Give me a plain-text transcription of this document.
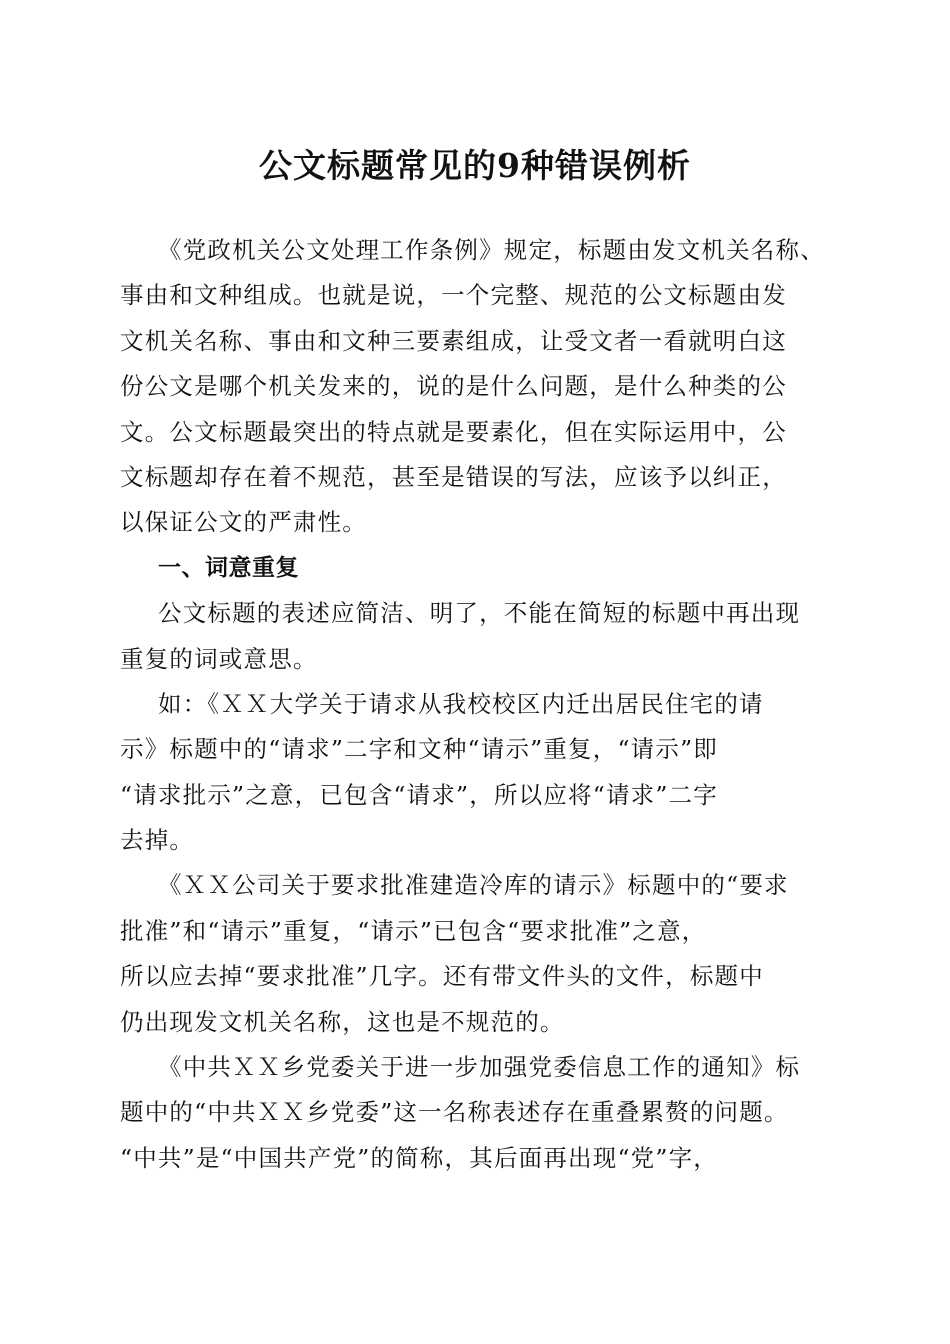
公文标题常见的9种错误例析
《党政机关公文处理工作条例》规定，标题由发文机关名称、
事由和文种组成。也就是说，一个完整、规范的公文标题由发
文机关名称、事由和文种三要素组成，让受文者一看就明白这
份公文是哪个机关发来的，说的是什么问题，是什么种类的公
文。公文标题最突出的特点就是要素化，但在实际运用中，公
文标题却存在着不规范，甚至是错误的写法，应该予以纠正，
以保证公文的严肃性。
一、词意重复
公文标题的表述应简洁、明了，不能在简短的标题中再出现
重复的词或意思。
如：《ＸＸ大学关于请求从我校校区内迁出居民住宅的请
示》标题中的“请求”二字和文种“请示”重复，“请示”即
“请求批示”之意，已包含“请求”，所以应将“请求”二字
去掉。
《ＸＸ公司关于要求批准建造冷库的请示》标题中的“要求
批准”和“请示”重复，“请示”已包含“要求批准”之意，
所以应去掉“要求批准”几字。还有带文件头的文件，标题中
仍出现发文机关名称，这也是不规范的。
《中共ＸＸ乡党委关于进一步加强党委信息工作的通知》标
题中的“中共ＸＸ乡党委”这一名称表述存在重叠累赘的问题。
“中共”是“中国共产党”的简称，其后面再出现“党”字，
